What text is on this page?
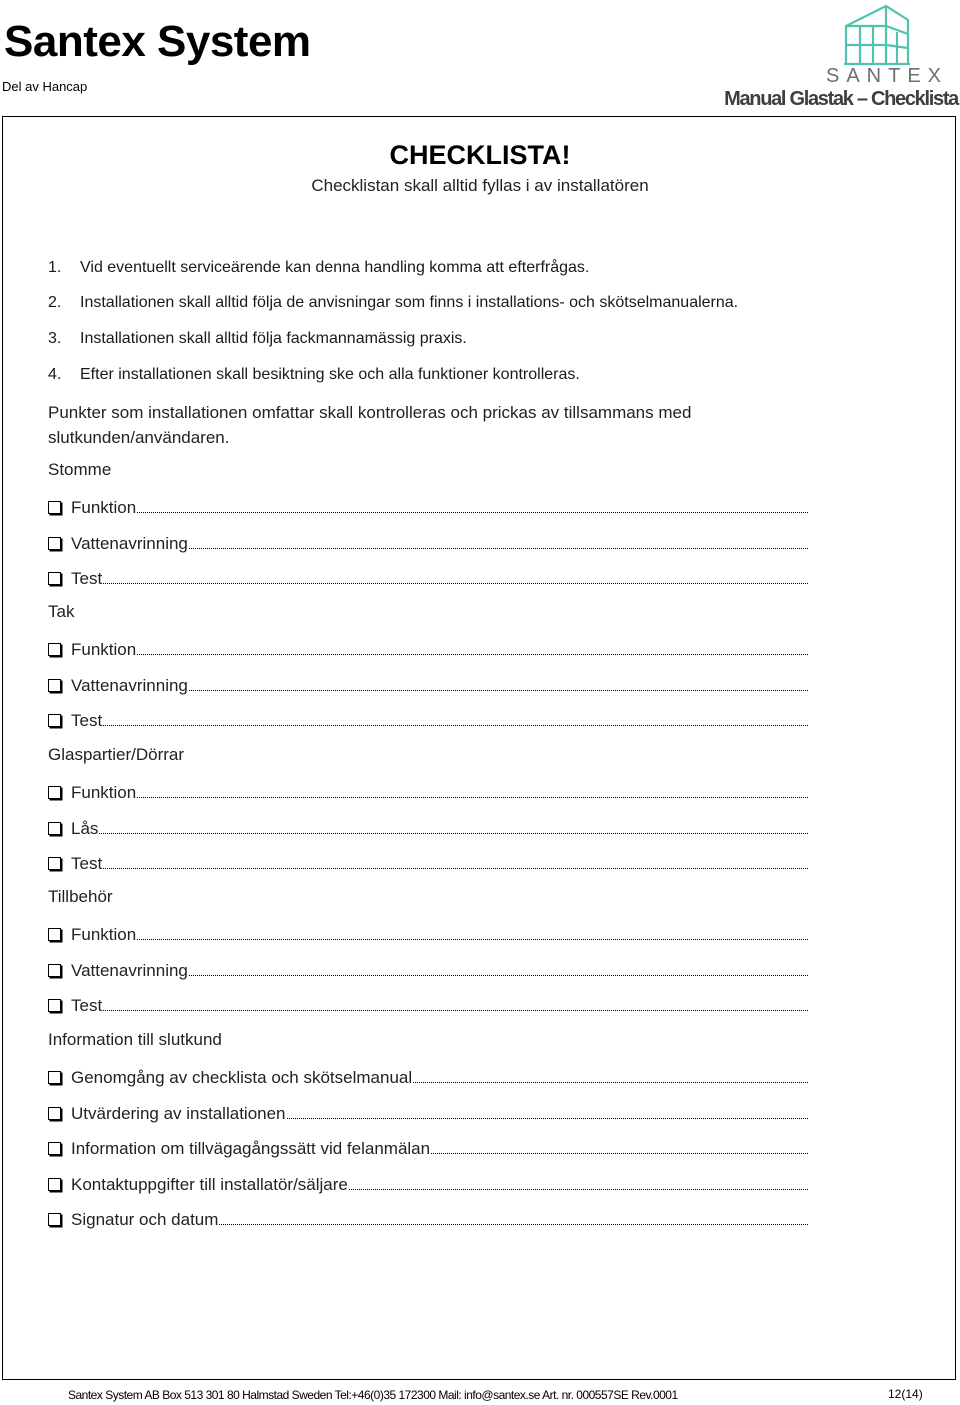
Santex System
Del av Hancap	SANTEX
Manual Glastak – Checklista
CHECKLISTA!
Checklistan skall alltid fyllas i av installatören
1. Vid eventuellt serviceärende kan denna handling komma att efterfrågas.
2. Installationen skall alltid följa de anvisningar som finns i installations- och skötselmanualerna.
3. Installationen skall alltid följa fackmannamässig praxis.
4. Efter installationen skall besiktning ske och alla funktioner kontrolleras.
Punkter som installationen omfattar skall kontrolleras och prickas av tillsammans med slutkunden/användaren.
Stomme
Funktion
Vattenavrinning
Test
Tak
Funktion
Vattenavrinning
Test
Glaspartier/Dörrar
Funktion
Lås
Test
Tillbehör
Funktion
Vattenavrinning
Test
Information till slutkund
Genomgång av checklista och skötselmanual
Utvärdering av installationen
Information om tillvägagångssätt vid felanmälan
Kontaktuppgifter till installatör/säljare
Signatur och datum
Santex System AB Box 513 301 80 Halmstad Sweden Tel:+46(0)35 172300 Mail: info@santex.se Art. nr. 000557SE Rev.0001	12(14)
